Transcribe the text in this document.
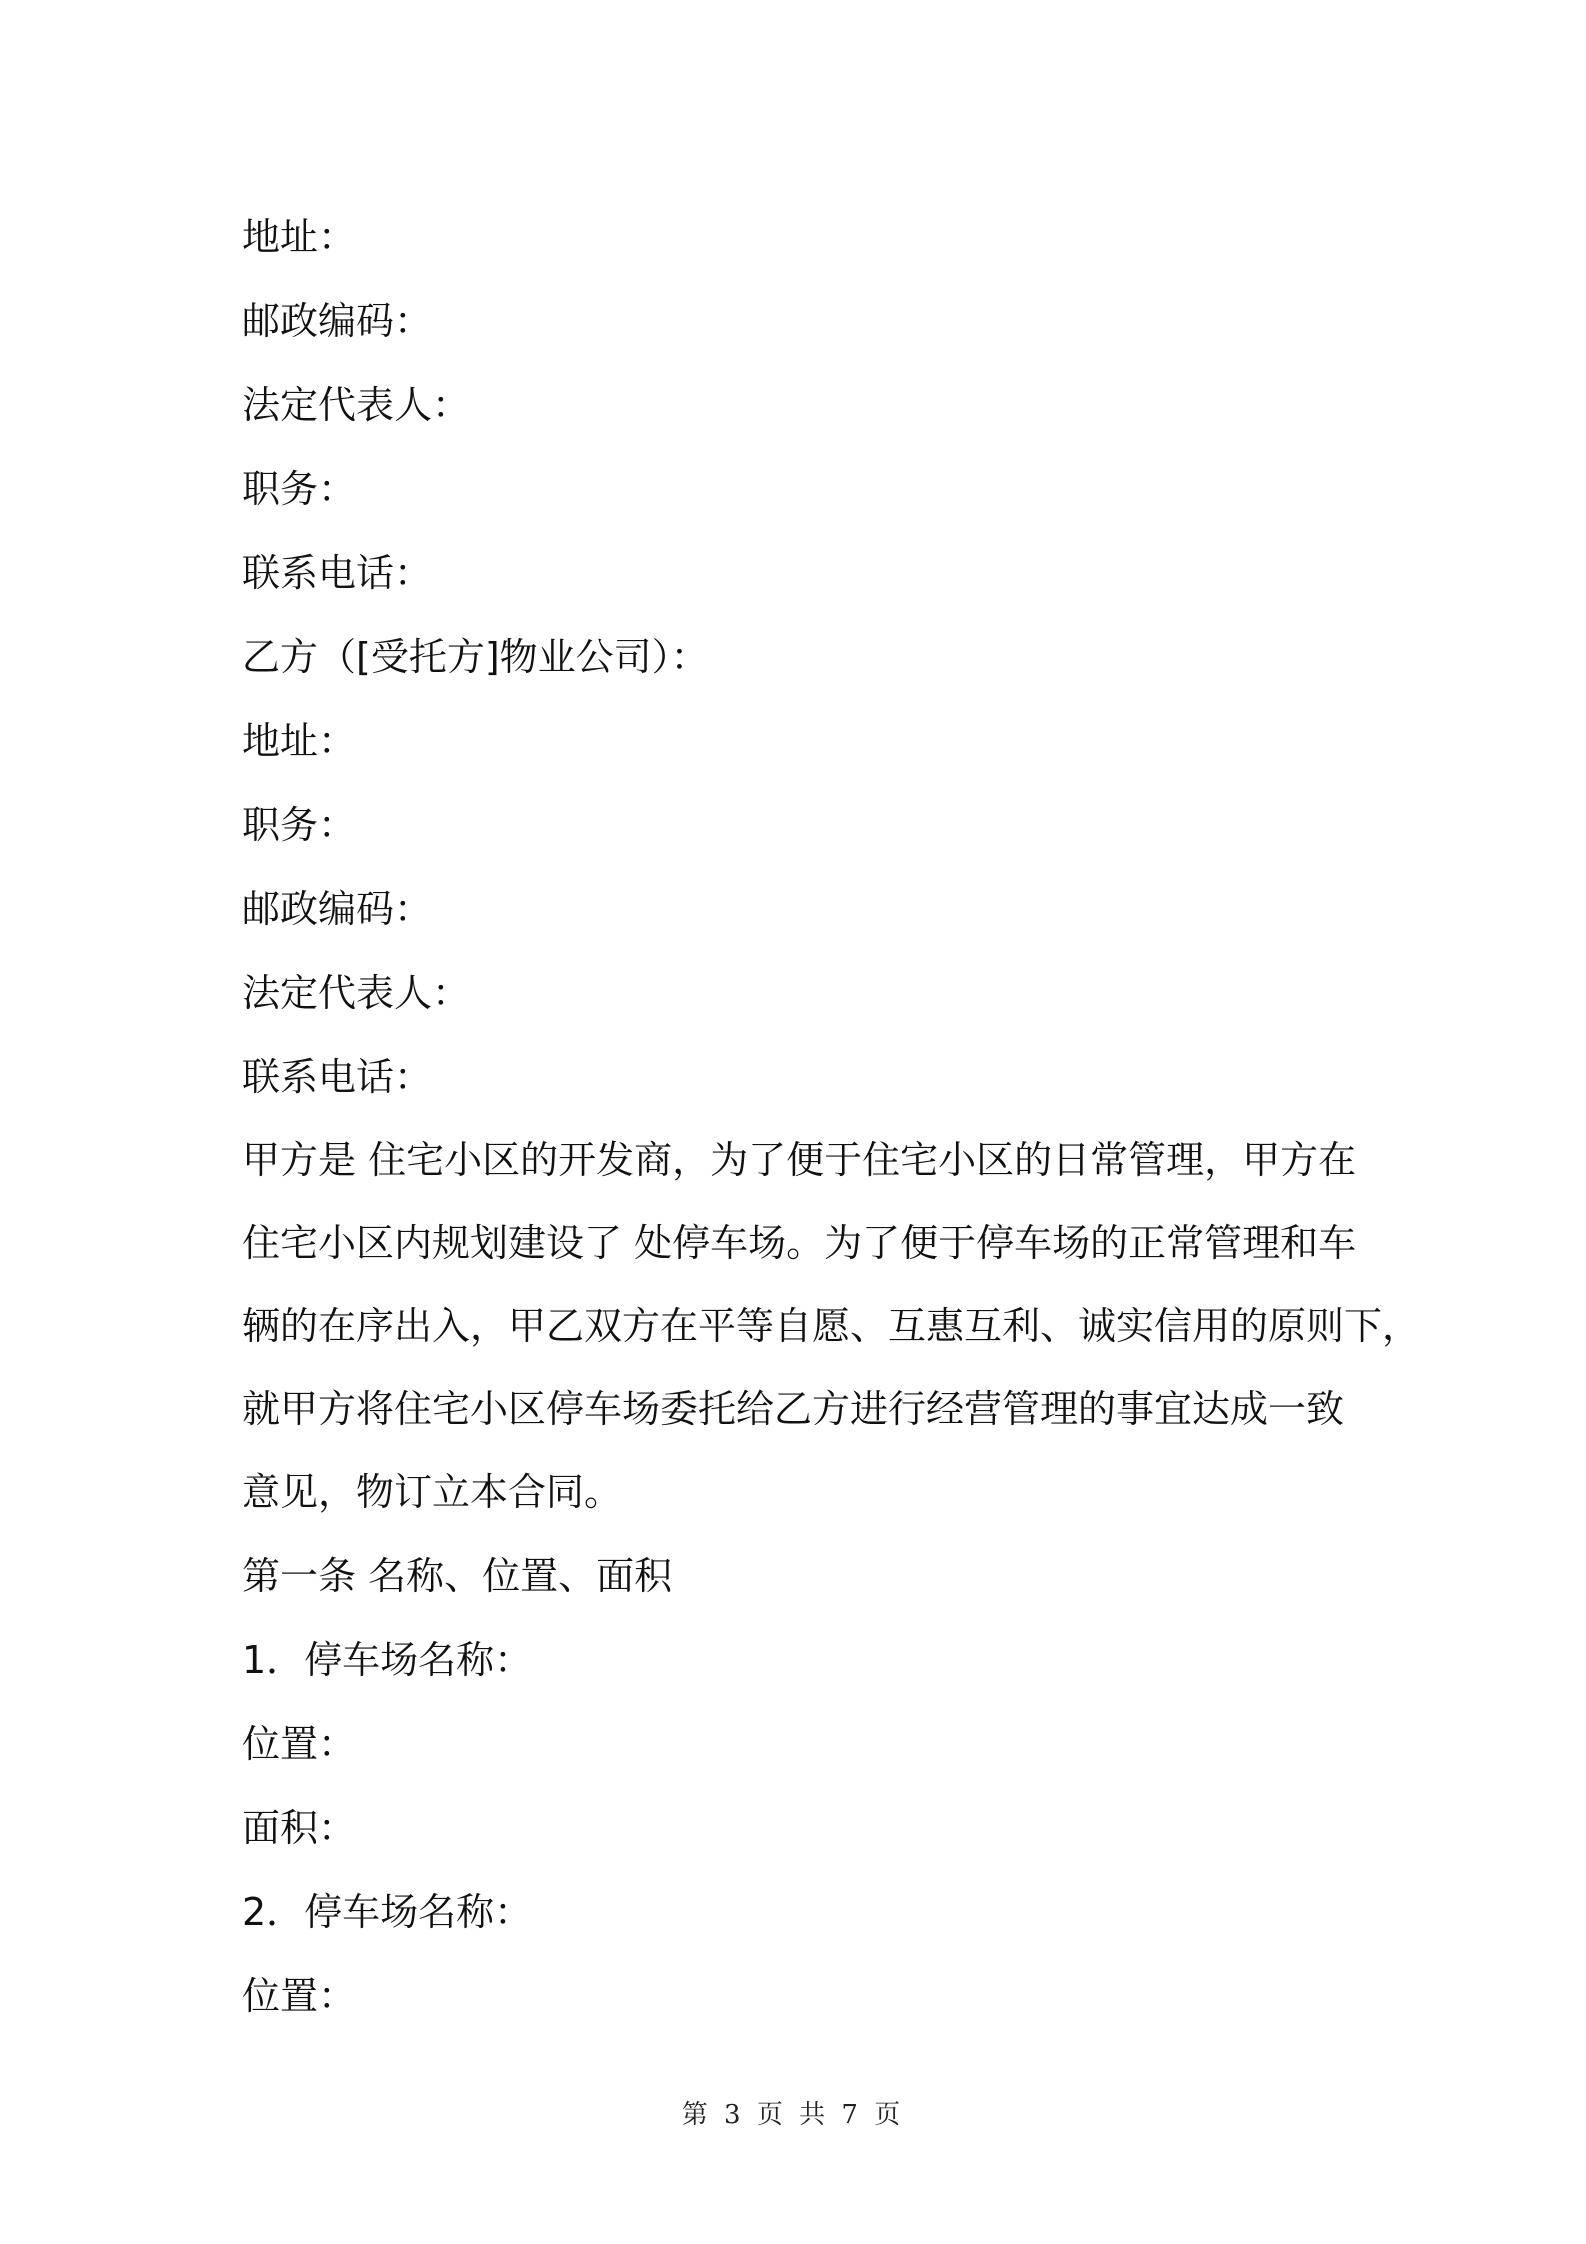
地址：
邮政编码：
法定代表人：
职务：
联系电话：
乙方（[受托方]物业公司）：
地址：
职务：
邮政编码：
法定代表人：
联系电话：

甲方是 住宅小区的开发商，为了便于住宅小区的日常管理，甲方在
住宅小区内规划建设了 处停车场。为了便于停车场的正常管理和车
辆的在序出入，甲乙双方在平等自愿、互惠互利、诚实信用的原则下，
就甲方将住宅小区停车场委托给乙方进行经营管理的事宜达成一致
意见，物订立本合同。

第一条 名称、位置、面积
1．停车场名称：
位置：
面积：
2．停车场名称：
位置：
第 3 页 共 7 页
